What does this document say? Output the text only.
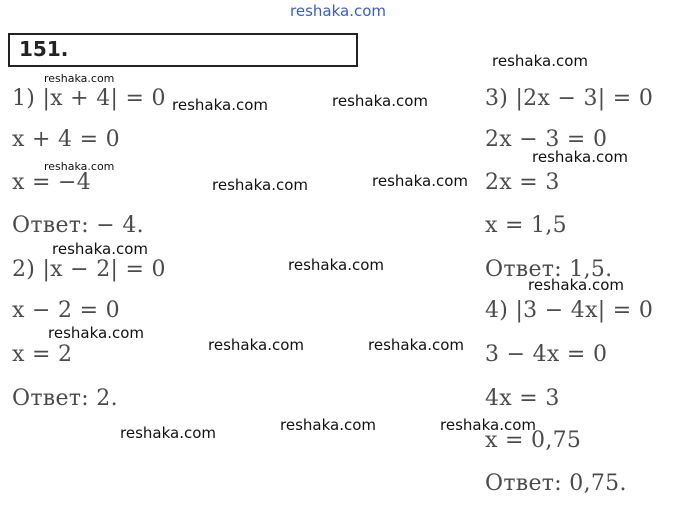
reshaka.com
151.
1) |x + 4| = 0
x + 4 = 0
x = −4
Ответ: − 4.
2) |x − 2| = 0
x − 2 = 0
x = 2
Ответ: 2.
3) |2x − 3| = 0
2x − 3 = 0
2x = 3
x = 1,5
Ответ: 1,5.
4) |3 − 4x| = 0
3 − 4x = 0
4x = 3
x = 0,75
Ответ: 0,75.
reshaka.com
reshaka.com
reshaka.com	reshaka.com
reshaka.com
reshaka.com
reshaka.com	reshaka.com
reshaka.com
reshaka.com
reshaka.com
reshaka.com
reshaka.com	reshaka.com
reshaka.com	reshaka.com	reshaka.com
